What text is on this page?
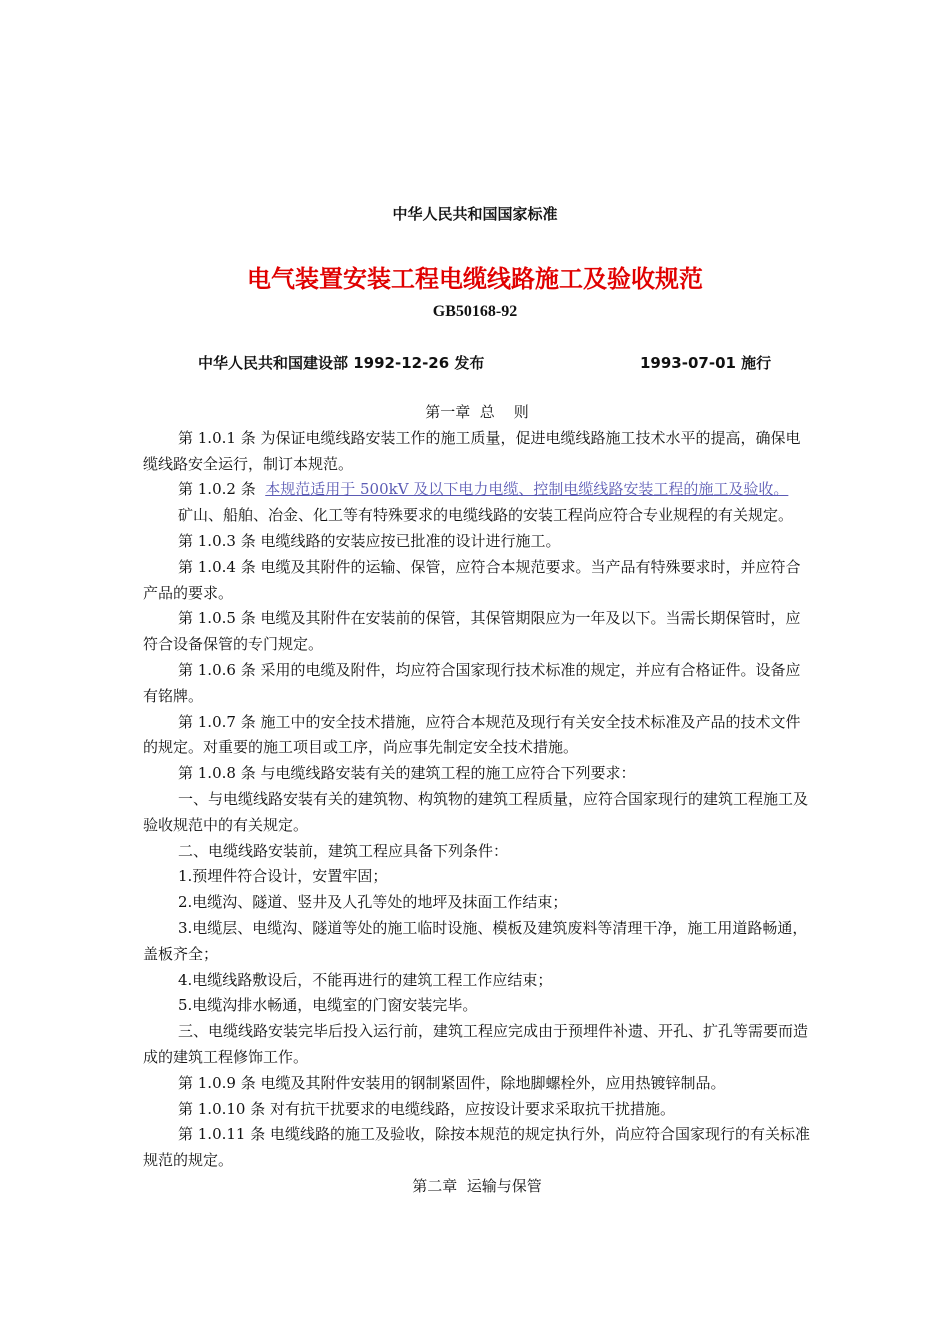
中华人民共和国国家标准
电气装置安装工程电缆线路施工及验收规范
GB50168-92
中华人民共和国建设部 1992-12-26 发布	1993-07-01 施行

第一章  总    则

第 1.0.1 条 为保证电缆线路安装工作的施工质量，促进电缆线路施工技术水平的提高，确保电缆线路安全运行，制订本规范。

第 1.0.2 条  本规范适用于 500kV 及以下电力电缆、控制电缆线路安装工程的施工及验收。

矿山、船舶、冶金、化工等有特殊要求的电缆线路的安装工程尚应符合专业规程的有关规定。

第 1.0.3 条 电缆线路的安装应按已批准的设计进行施工。

第 1.0.4 条 电缆及其附件的运输、保管，应符合本规范要求。当产品有特殊要求时，并应符合产品的要求。

第 1.0.5 条 电缆及其附件在安装前的保管，其保管期限应为一年及以下。当需长期保管时，应符合设备保管的专门规定。

第 1.0.6 条 采用的电缆及附件，均应符合国家现行技术标准的规定，并应有合格证件。设备应有铭牌。

第 1.0.7 条 施工中的安全技术措施，应符合本规范及现行有关安全技术标准及产品的技术文件的规定。对重要的施工项目或工序，尚应事先制定安全技术措施。

第 1.0.8 条 与电缆线路安装有关的建筑工程的施工应符合下列要求：

一、与电缆线路安装有关的建筑物、构筑物的建筑工程质量，应符合国家现行的建筑工程施工及验收规范中的有关规定。

二、电缆线路安装前，建筑工程应具备下列条件：

1.预埋件符合设计，安置牢固；

2.电缆沟、隧道、竖井及人孔等处的地坪及抹面工作结束；

3.电缆层、电缆沟、隧道等处的施工临时设施、模板及建筑废料等清理干净，施工用道路畅通，盖板齐全；

4.电缆线路敷设后，不能再进行的建筑工程工作应结束；

5.电缆沟排水畅通，电缆室的门窗安装完毕。

三、电缆线路安装完毕后投入运行前，建筑工程应完成由于预埋件补遗、开孔、扩孔等需要而造成的建筑工程修饰工作。

第 1.0.9 条 电缆及其附件安装用的钢制紧固件，除地脚螺栓外，应用热镀锌制品。

第 1.0.10 条 对有抗干扰要求的电缆线路，应按设计要求采取抗干扰措施。

第 1.0.11 条 电缆线路的施工及验收，除按本规范的规定执行外，尚应符合国家现行的有关标准规范的规定。

第二章  运输与保管
